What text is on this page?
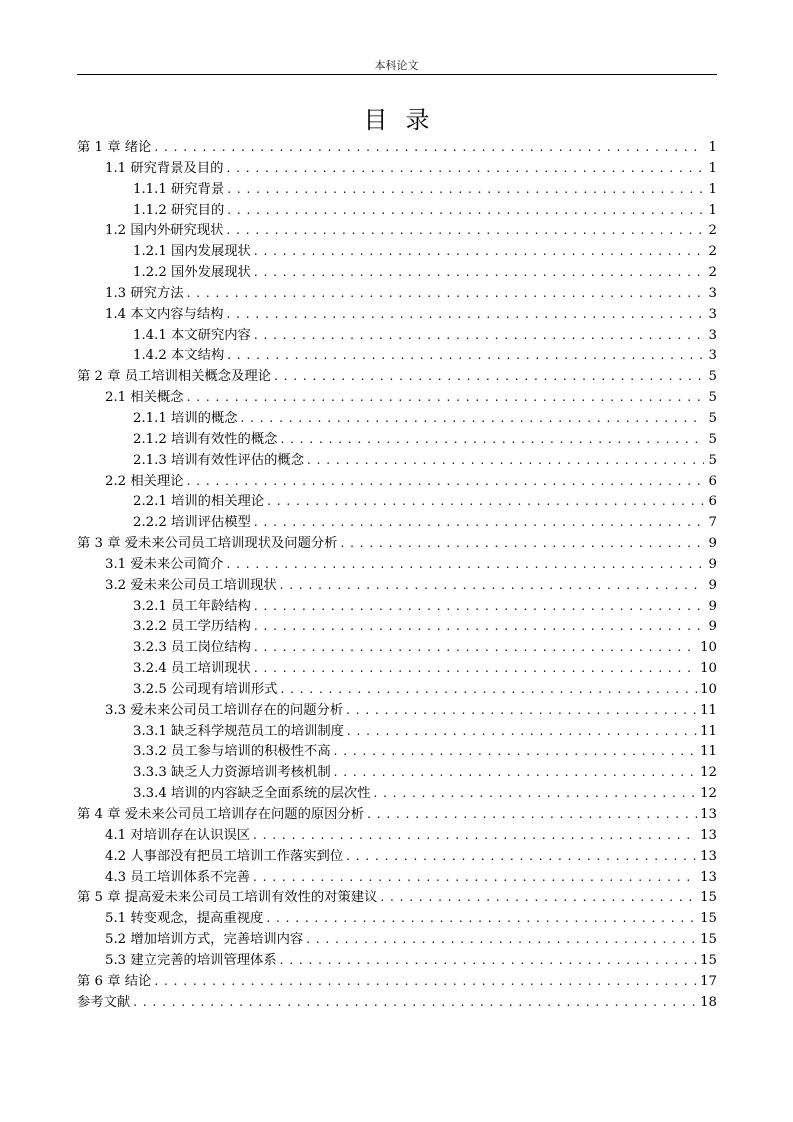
本科论文
目录
第 1 章 绪论 . . .	1
1.1 研究背景及目的 . . .	1
1.1.1 研究背景 . . .	1
1.1.2 研究目的 . . .	1
1.2 国内外研究现状 . . .	2
1.2.1 国内发展现状 . . .	2
1.2.2 国外发展现状 . . .	2
1.3 研究方法 . . .	3
1.4 本文内容与结构 . . .	3
1.4.1 本文研究内容 . . .	3
1.4.2 本文结构 . . .	3
第 2 章 员工培训相关概念及理论 . . .	5
2.1 相关概念 . . .	5
2.1.1 培训的概念 . . .	5
2.1.2 培训有效性的概念 . . .	5
2.1.3 培训有效性评估的概念 . . .	5
2.2 相关理论 . . .	6
2.2.1 培训的相关理论 . . .	6
2.2.2 培训评估模型 . . .	7
第 3 章 爱未来公司员工培训现状及问题分析 . . .	9
3.1 爱未来公司简介 . . .	9
3.2 爱未来公司员工培训现状 . . .	9
3.2.1 员工年龄结构 . . .	9
3.2.2 员工学历结构 . . .	9
3.2.3 员工岗位结构 . . .	10
3.2.4 员工培训现状 . . .	10
3.2.5 公司现有培训形式 . . .	10
3.3 爱未来公司员工培训存在的问题分析 . . .	11
3.3.1 缺乏科学规范员工的培训制度 . . .	11
3.3.2 员工参与培训的积极性不高 . . .	11
3.3.3 缺乏人力资源培训考核机制 . . .	12
3.3.4 培训的内容缺乏全面系统的层次性 . . .	12
第 4 章 爱未来公司员工培训存在问题的原因分析 . . .	13
4.1 对培训存在认识误区 . . .	13
4.2 人事部没有把员工培训工作落实到位 . . .	13
4.3 员工培训体系不完善 . . .	13
第 5 章 提高爱未来公司员工培训有效性的对策建议 . . .	15
5.1 转变观念，提高重视度 . . .	15
5.2 增加培训方式，完善培训内容 . . .	15
5.3 建立完善的培训管理体系 . . .	15
第 6 章 结论 . . .	17
参考文献 . . .	18
